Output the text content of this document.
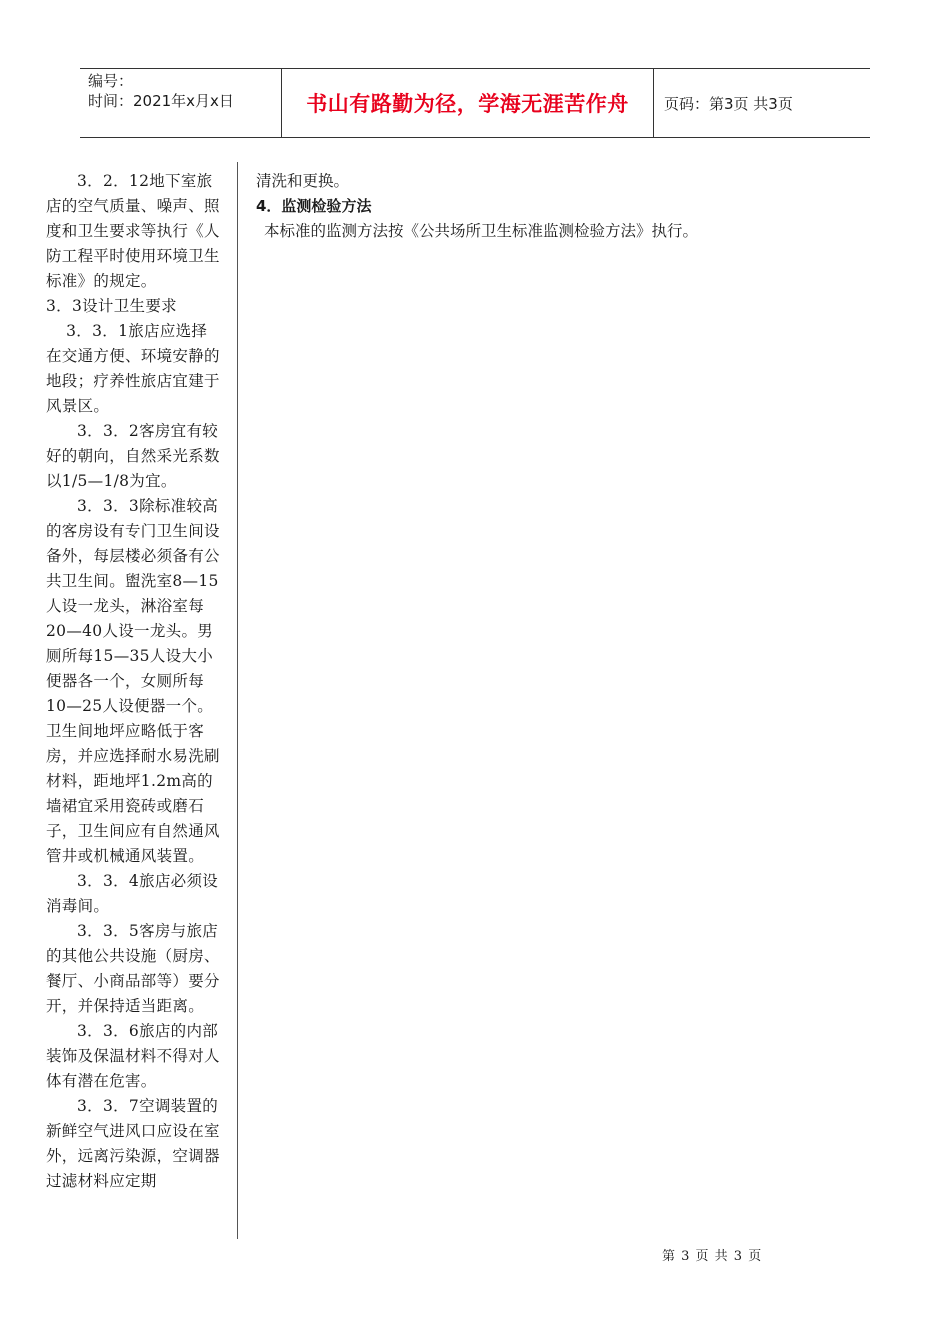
编号：
时间：2021年x月x日	书山有路勤为径，学海无涯苦作舟 页码：第3页 共3页

3．2．12地下室旅店的空气质量、噪声、照度和卫生要求等执行《人防工程平时使用环境卫生标准》的规定。

3．3设计卫生要求

3．3．1旅店应选择在交通方便、环境安静的地段；疗养性旅店宜建于风景区。

3．3．2客房宜有较好的朝向，自然采光系数以1/5—1/8为宜。

3．3．3除标准较高的客房设有专门卫生间设备外，每层楼必须备有公共卫生间。盥洗室8—15人设一龙头，淋浴室每20—40人设一龙头。男厕所每15—35人设大小便器各一个，女厕所每10—25人设便器一个。卫生间地坪应略低于客房，并应选择耐水易洗刷材料，距地坪1.2m高的墙裙宜采用瓷砖或磨石子，卫生间应有自然通风管井或机械通风装置。

3．3．4旅店必须设消毒间。

3．3．5客房与旅店的其他公共设施（厨房、餐厅、小商品部等）要分开，并保持适当距离。

3．3．6旅店的内部装饰及保温材料不得对人体有潜在危害。

3．3．7空调装置的新鲜空气进风口应设在室外，远离污染源，空调器过滤材料应定期

清洗和更换。

4．监测检验方法

本标准的监测方法按《公共场所卫生标准监测检验方法》执行。

第 3 页 共 3 页
